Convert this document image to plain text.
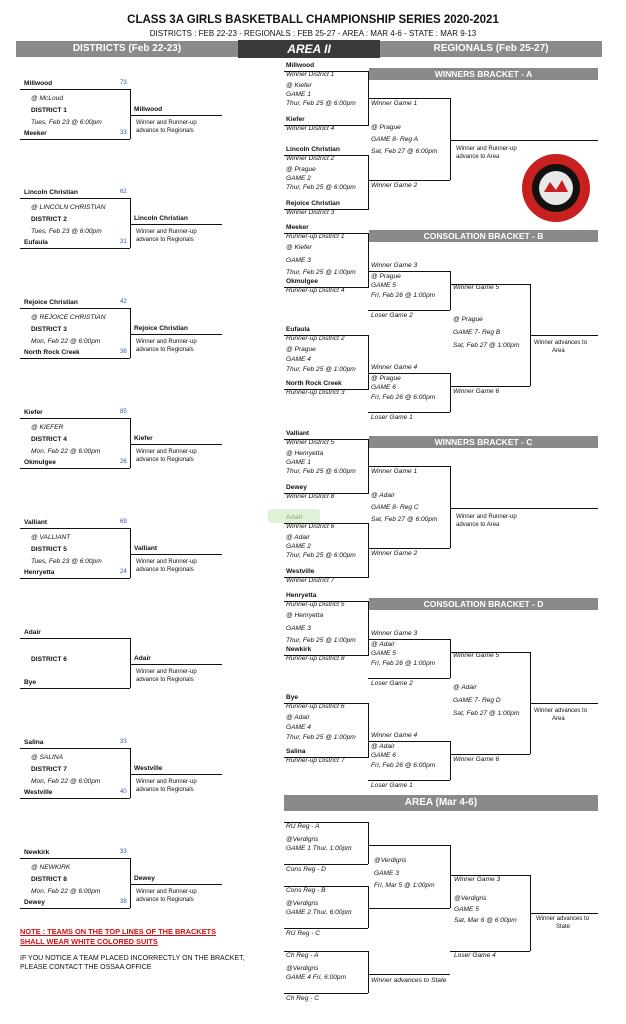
CLASS 3A GIRLS BASKETBALL CHAMPIONSHIP SERIES 2020-2021
DISTRICTS : FEB 22-23 - REGIONALS : FEB 25-27 - AREA : MAR 4-6 - STATE : MAR 9-13
DISTRICTS (Feb 22-23)	AREA II	REGIONALS (Feb 25-27)
Millwood	73
@ McLoud
DISTRICT 1
Tues, Feb 23 @ 6:00pm
Meeker	33
Millwood
Winner and Runner-up
advance to Regionals
Lincoln Christian	62
@ LINCOLN CHRISTIAN
DISTRICT 2
Tues, Feb 23 @ 6:00pm
Eufaula	31
Lincoln Christian
Winner and Runner-up
advance to Regionals
Rejoice Christian	42
@ REJOICE CHRISTIAN
DISTRICT 3
Mon, Feb 22 @ 6:00pm
North Rock Creek	36
Rejoice Christian
Winner and Runner-up
advance to Regionals
Kiefer	85
@ KIEFER
DISTRICT 4
Mon, Feb 22 @ 6:00pm
Okmulgee	26
Kiefer
Winner and Runner-up
advance to Regionals
Valliant	69
@ VALLIANT
DISTRICT 5
Tues, Feb 23 @ 6:00pm
Henryetta	24
Valliant
Winner and Runner-up
advance to Regionals
Adair
DISTRICT 6
Bye
Adair
Winner and Runner-up
advance to Regionals
Salina	33
@ SALINA
DISTRICT 7
Mon, Feb 22 @ 6:00pm
Westville	40
Westville
Winner and Runner-up
advance to Regionals
Newkirk	33
@ NEWKIRK
DISTRICT 8
Mon, Feb 22 @ 6:00pm
Dewey	38
Dewey
Winner and Runner-up
advance to Regionals
WINNERS BRACKET - A
Millwood
Winner District 1
@ Kiefer
GAME 1
Thur, Feb 25 @ 6:00pm
Kiefer
Winner District 4
Winner Game 1
Lincoln Christian
Winner District 2
@ Prague
GAME 2
Thur, Feb 25 @ 6:00pm
Rejoice Christian
Winner District 3
Winner Game 2
@ Prague
GAME 8- Reg A
Sat, Feb 27 @ 6:00pm	Winner and Runner-up
advance to Area
CONSOLATION BRACKET - B
Meeker
Runner-up District 1
@ Kiefer
GAME 3
Thur, Feb 25 @ 1:00pm
Okmulgee
Runner-up District 4
Winner Game 3
@ Prague
GAME 5
Fri, Feb 26 @ 1:00pm
Loser Game 2
Winner Game 5
Eufaula
Runner-up District 2
@ Prague
GAME 4
Thur, Feb 25 @ 1:00pm
North Rock Creek
Runner-up District 3
Winner Game 4
@ Prague
GAME 6
Fri, Feb 26 @ 6:00pm
Loser Game 1
Winner Game 6
@ Prague
GAME 7- Reg B
Sat, Feb 27 @ 1:00pm Winner advances to
Area
WINNERS BRACKET - C
Valliant
Winner District 5
@ Henryetta
GAME 1
Thur, Feb 25 @ 6:00pm
Dewey
Winner District 8
Winner Game 1
Winner District 6
@ Adair
GAME 2
Thur, Feb 25 @ 6:00pm
Westville
Winner District 7
Winner Game 2
@ Adair
GAME 8- Reg C
Sat, Feb 27 @ 6:00pm	Winner and Runner-up
advance to Area
CONSOLATION BRACKET - D
Henryetta
Runner-up District 5
@ Henryetta
GAME 3
Thur, Feb 25 @ 1:00pm
Newkirk
Runner-up District 8
Winner Game 3
@ Adair
GAME 5
Fri, Feb 26 @ 1:00pm
Loser Game 2
Winner Game 5
Bye
Runner-up District 6
@ Adair
GAME 4
Thur, Feb 25 @ 1:00pm
Salina
Runner-up District 7
Winner Game 4
@ Adair
GAME 6
Fri, Feb 26 @ 6:00pm
Loser Game 1
Winner Game 6
@ Adair
GAME 7- Reg D
Sat, Feb 27 @ 1:00pm Winner advances to
Area
AREA (Mar 4-6)
RU Reg - A
@Verdigris
GAME 1 Thur, 1:00pm
Cons Reg - D
@Verdigris
GAME 3
Fri, Mar 5 @ 1:00pm
Cons Reg - B
@Verdigris
GAME 2 Thur, 6:00pm
RU Reg - C
Winner Game 3
@Verdigris
GAME 5
Sat, Mar 6 @ 6:00pm
Loser Game 4
Winner advances to
State
Ch Reg - A
@Verdigris
GAME 4 Fri, 6:00pm
Ch Reg - C
Winner advances to State
NOTE : TEAMS ON THE TOP LINES OF THE BRACKETS
SHALL WEAR WHITE COLORED SUITS
IF YOU NOTICE A TEAM PLACED INCORRECTLY ON THE BRACKET,
PLEASE CONTACT THE OSSAA OFFICE
